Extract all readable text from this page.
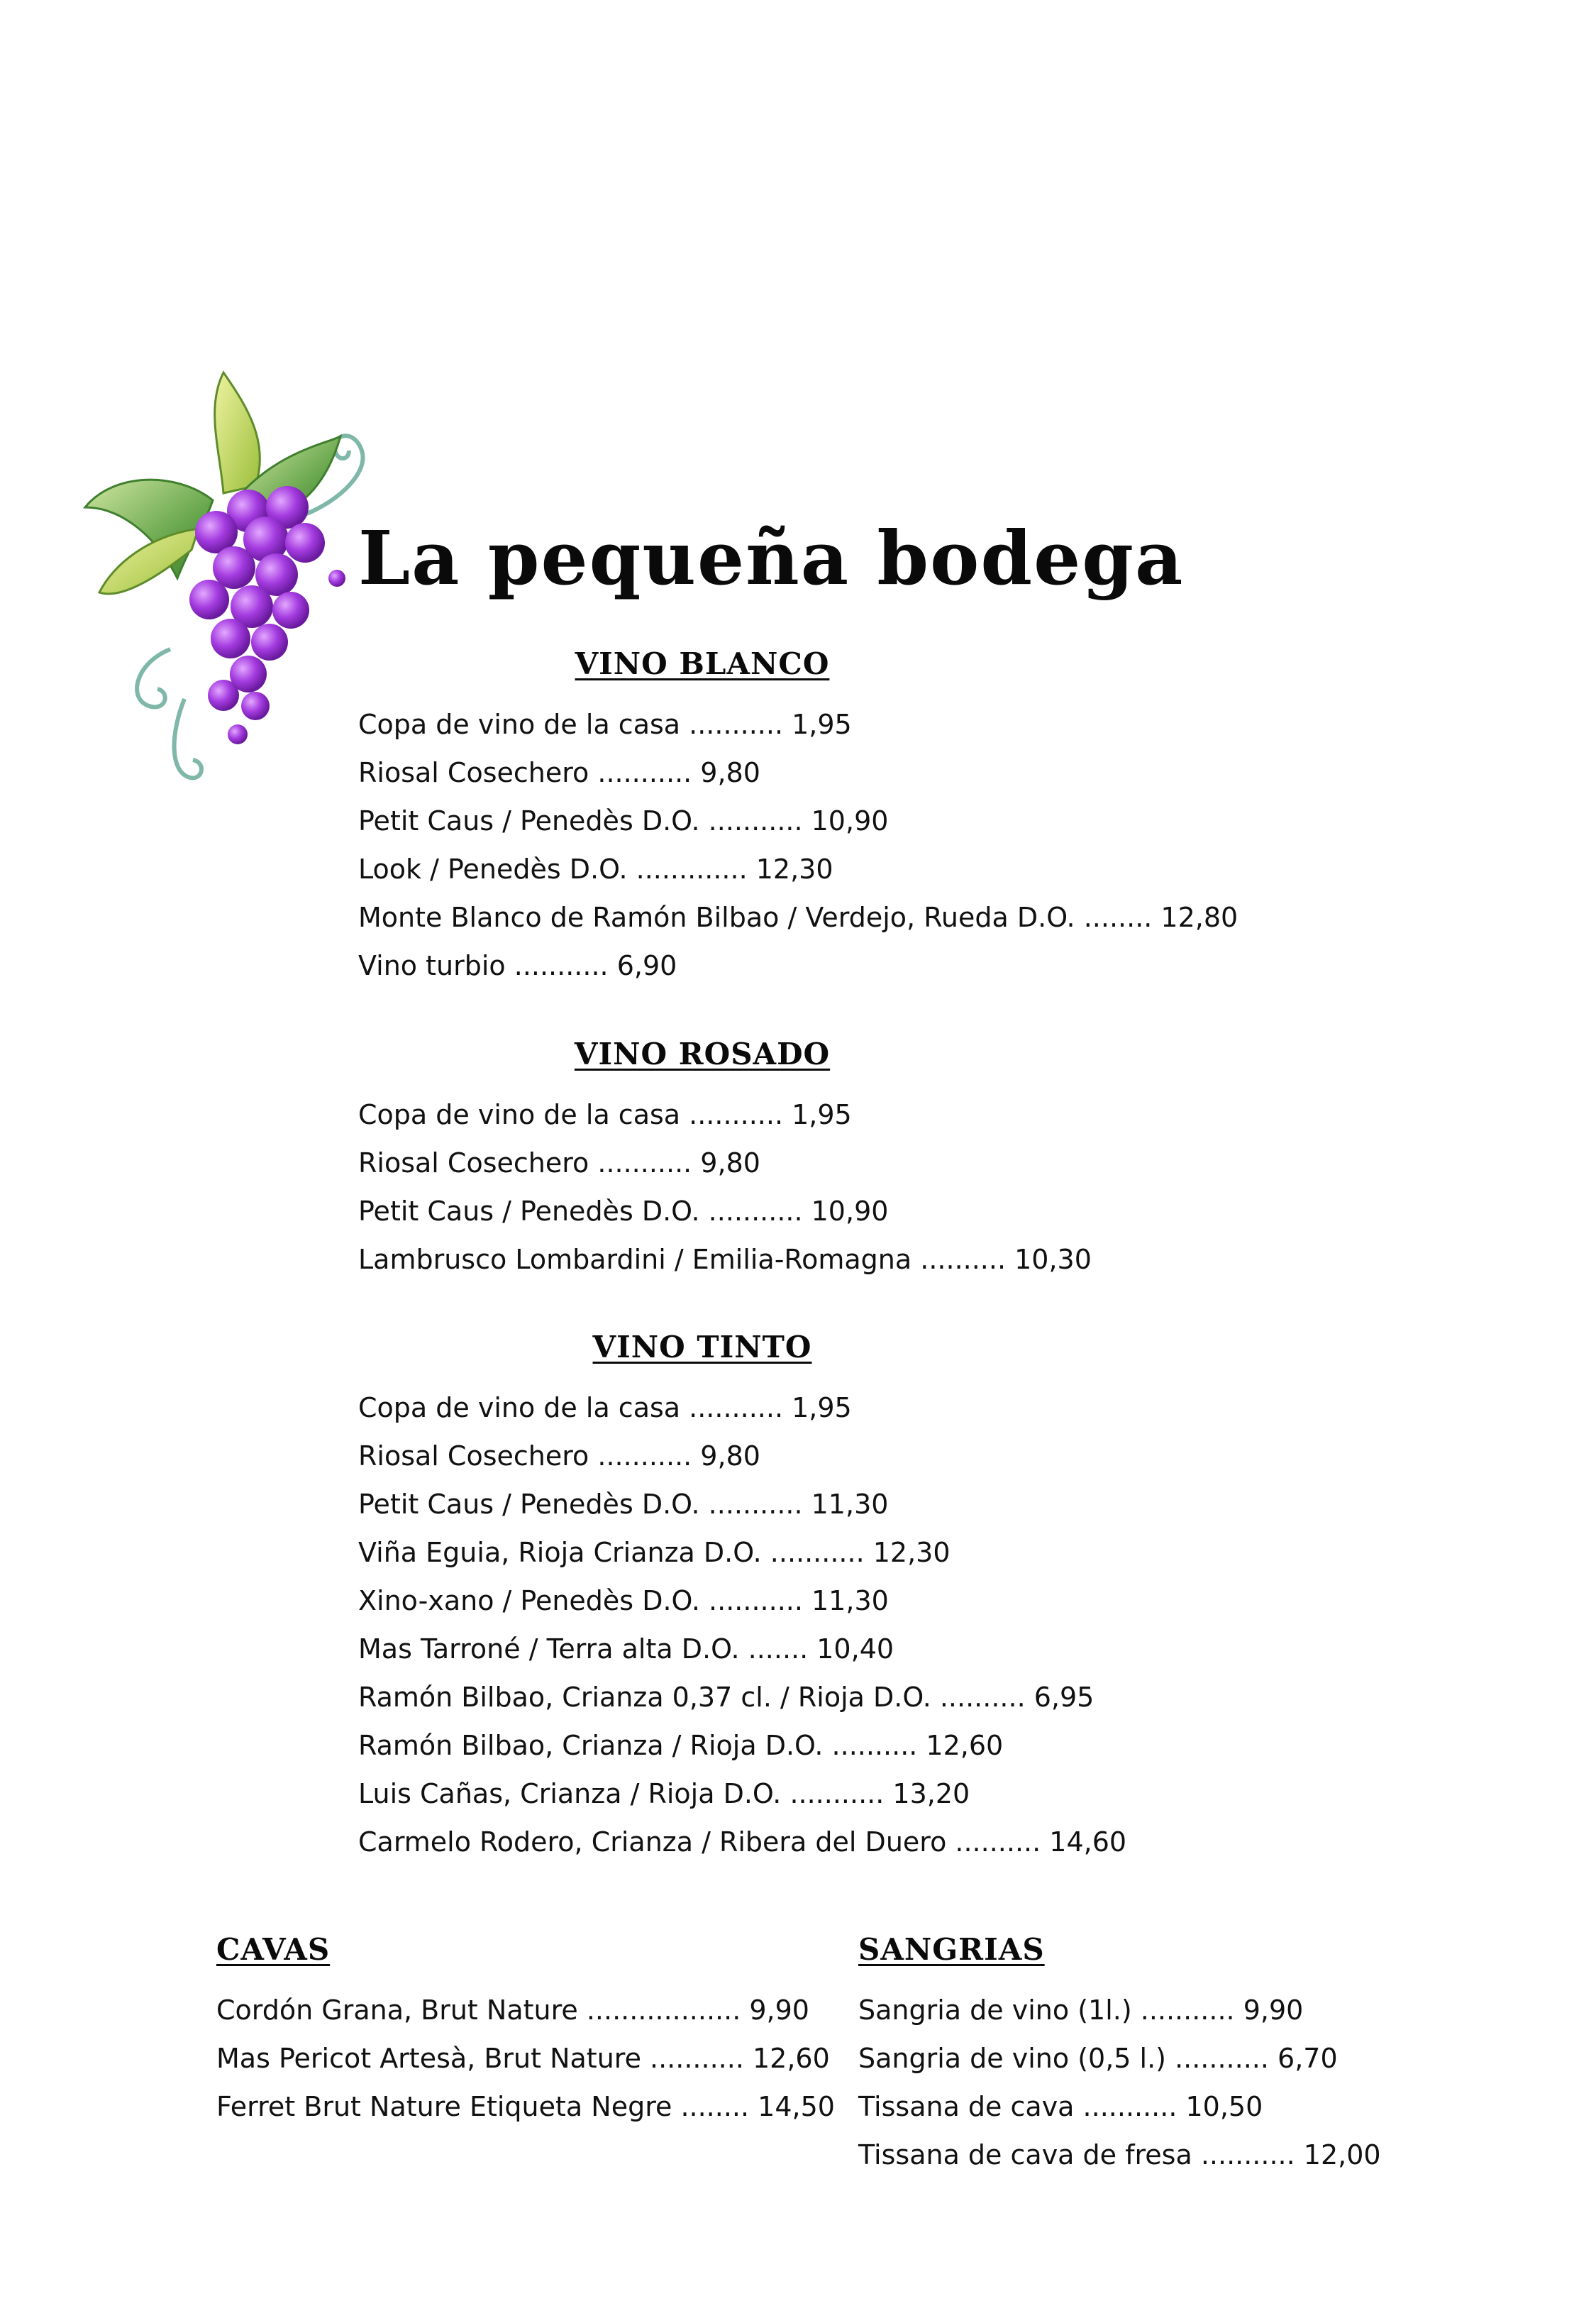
La pequeña bodega
VINO BLANCO
Copa de vino de la casa ........... 1,95
Riosal Cosechero ........... 9,80
Petit Caus / Penedès D.O. ........... 10,90
Look / Penedès D.O. ............. 12,30
Monte Blanco de Ramón Bilbao / Verdejo, Rueda D.O. ........ 12,80
Vino turbio ........... 6,90
VINO ROSADO
Copa de vino de la casa ........... 1,95
Riosal Cosechero ........... 9,80
Petit Caus / Penedès D.O. ........... 10,90
Lambrusco Lombardini / Emilia-Romagna .......... 10,30
VINO TINTO
Copa de vino de la casa ........... 1,95
Riosal Cosechero ........... 9,80
Petit Caus / Penedès D.O. ........... 11,30
Viña Eguia, Rioja Crianza D.O. ........... 12,30
Xino-xano / Penedès D.O. ........... 11,30
Mas Tarroné / Terra alta D.O. ....... 10,40
Ramón Bilbao, Crianza 0,37 cl. / Rioja D.O. .......... 6,95
Ramón Bilbao, Crianza / Rioja D.O. .......... 12,60
Luis Cañas, Crianza / Rioja D.O. ........... 13,20
Carmelo Rodero, Crianza / Ribera del Duero .......... 14,60
CAVAS
Cordón Grana, Brut Nature .................. 9,90
Mas Pericot Artesà, Brut Nature ........... 12,60
Ferret Brut Nature Etiqueta Negre ........ 14,50
SANGRIAS
Sangria de vino (1l.) ........... 9,90
Sangria de vino (0,5 l.) ........... 6,70
Tissana de cava ........... 10,50
Tissana de cava de fresa ........... 12,00
